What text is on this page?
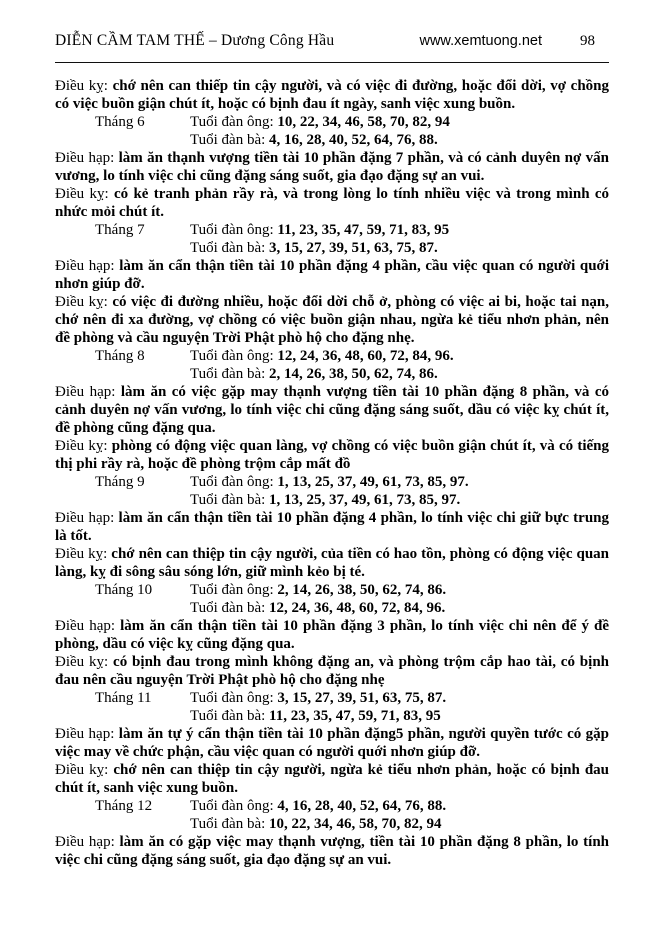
DIỄN CẦM TAM THẾ – Dương Công Hầu	www.xemtuong.net	98

Điều kỵ: chớ nên can thiếp tin cậy người, và có việc đi đường, hoặc đổi dời, vợ chồng có việc buồn giận chút ít, hoặc có bịnh đau ít ngày, sanh việc xung buồn.

Tháng 6	Tuổi đàn ông: 10, 22, 34, 46, 58, 70, 82, 94
Tuổi đàn bà: 4, 16, 28, 40, 52, 64, 76, 88.

Điều hạp: làm ăn thạnh vượng tiền tài 10 phần đặng 7 phần, và có cảnh duyên nợ vấn vương, lo tính việc chi cũng đặng sáng suốt, gia đạo đặng sự an vui.

Điều kỵ: có kẻ tranh phản rầy rà, và trong lòng lo tính nhiều việc và trong mình có nhức mỏi chút ít.

Tháng 7	Tuổi đàn ông: 11, 23, 35, 47, 59, 71, 83, 95
Tuổi đàn bà: 3, 15, 27, 39, 51, 63, 75, 87.

Điều hạp: làm ăn cẩn thận tiền tài 10 phần đặng 4 phần, cầu việc quan có người quới nhơn giúp đỡ.

Điều kỵ: có việc đi đường nhiều, hoặc đổi dời chỗ ở, phòng có việc ai bi, hoặc tai nạn, chớ nên đi xa đường, vợ chồng có việc buồn giận nhau, ngừa kẻ tiểu nhơn phản, nên đề phòng và cầu nguyện Trời Phật phò hộ cho đặng nhẹ.

Tháng 8	Tuổi đàn ông: 12, 24, 36, 48, 60, 72, 84, 96.
Tuổi đàn bà: 2, 14, 26, 38, 50, 62, 74, 86.

Điều hạp: làm ăn có việc gặp may thạnh vượng tiền tài 10 phần đặng 8 phần, và có cảnh duyên nợ vấn vương, lo tính việc chi cũng đặng sáng suốt, dầu có việc kỵ chút ít, đề phòng cũng đặng qua.

Điều kỵ: phòng có động việc quan làng, vợ chồng có việc buồn giận chút ít, và có tiếng thị phi rầy rà, hoặc đề phòng trộm cắp mất đồ

Tháng 9	Tuổi đàn ông: 1, 13, 25, 37, 49, 61, 73, 85, 97.
Tuổi đàn bà: 1, 13, 25, 37, 49, 61, 73, 85, 97.

Điều hạp: làm ăn cẩn thận tiền tài 10 phần đặng 4 phần, lo tính việc chi giữ bực trung là tốt.

Điều kỵ: chớ nên can thiệp tin cậy người, của tiền có hao tồn, phòng có động việc quan làng, kỵ đi sông sâu sóng lớn, giữ mình kẻo bị té.

Tháng 10	Tuổi đàn ông: 2, 14, 26, 38, 50, 62, 74, 86.
Tuổi đàn bà: 12, 24, 36, 48, 60, 72, 84, 96.

Điều hạp: làm ăn cẩn thận tiền tài 10 phần đặng 3 phần, lo tính việc chi nên để ý đề phòng, dầu có việc kỵ cũng đặng qua.

Điều kỵ: có bịnh đau trong mình không đặng an, và phòng trộm cắp hao tài, có bịnh đau nên cầu nguyện Trời Phật phò hộ cho đặng nhẹ

Tháng 11	Tuổi đàn ông: 3, 15, 27, 39, 51, 63, 75, 87.
Tuổi đàn bà: 11, 23, 35, 47, 59, 71, 83, 95

Điều hạp: làm ăn tự ý cẩn thận tiền tài 10 phần đặng5 phần, người quyền tước có gặp việc may về chức phận, cầu việc quan có người quới nhơn giúp đỡ.

Điều kỵ: chớ nên can thiệp tin cậy người, ngừa kẻ tiểu nhơn phản, hoặc có bịnh đau chút ít, sanh việc xung buồn.

Tháng 12	Tuổi đàn ông: 4, 16, 28, 40, 52, 64, 76, 88.
Tuổi đàn bà: 10, 22, 34, 46, 58, 70, 82, 94

Điều hạp: làm ăn có gặp việc may thạnh vượng, tiền tài 10 phần đặng 8 phần, lo tính việc chi cũng đặng sáng suốt, gia đạo đặng sự an vui.
